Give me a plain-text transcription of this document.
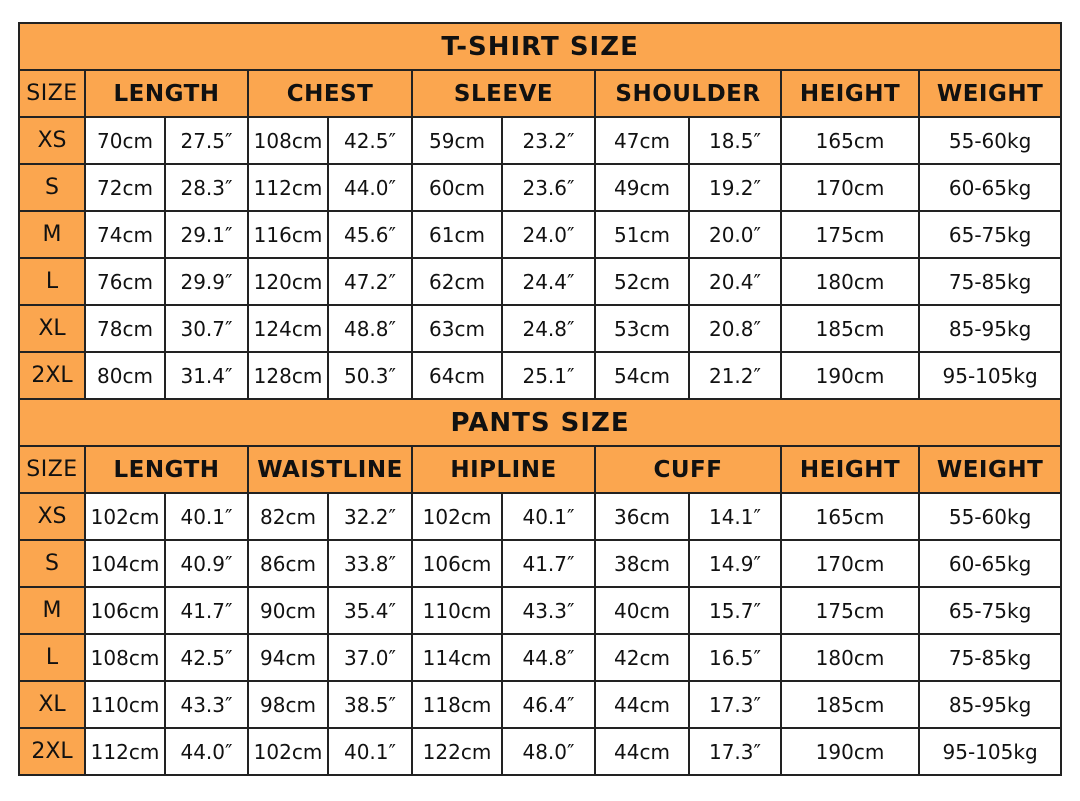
T-SHIRT SIZE										
SIZE	LENGTH		CHEST		SLEEVE		SHOULDER		HEIGHT	WEIGHT
XS	70cm	27.5″	108cm	42.5″	59cm	23.2″	47cm	18.5″	165cm	55-60kg
S	72cm	28.3″	112cm	44.0″	60cm	23.6″	49cm	19.2″	170cm	60-65kg
M	74cm	29.1″	116cm	45.6″	61cm	24.0″	51cm	20.0″	175cm	65-75kg
L	76cm	29.9″	120cm	47.2″	62cm	24.4″	52cm	20.4″	180cm	75-85kg
XL	78cm	30.7″	124cm	48.8″	63cm	24.8″	53cm	20.8″	185cm	85-95kg
2XL	80cm	31.4″	128cm	50.3″	64cm	25.1″	54cm	21.2″	190cm	95-105kg
PANTS SIZE										
SIZE	LENGTH		WAISTLINE		HIPLINE		CUFF		HEIGHT	WEIGHT
XS	102cm	40.1″	82cm	32.2″	102cm	40.1″	36cm	14.1″	165cm	55-60kg
S	104cm	40.9″	86cm	33.8″	106cm	41.7″	38cm	14.9″	170cm	60-65kg
M	106cm	41.7″	90cm	35.4″	110cm	43.3″	40cm	15.7″	175cm	65-75kg
L	108cm	42.5″	94cm	37.0″	114cm	44.8″	42cm	16.5″	180cm	75-85kg
XL	110cm	43.3″	98cm	38.5″	118cm	46.4″	44cm	17.3″	185cm	85-95kg
2XL	112cm	44.0″	102cm	40.1″	122cm	48.0″	44cm	17.3″	190cm	95-105kg
